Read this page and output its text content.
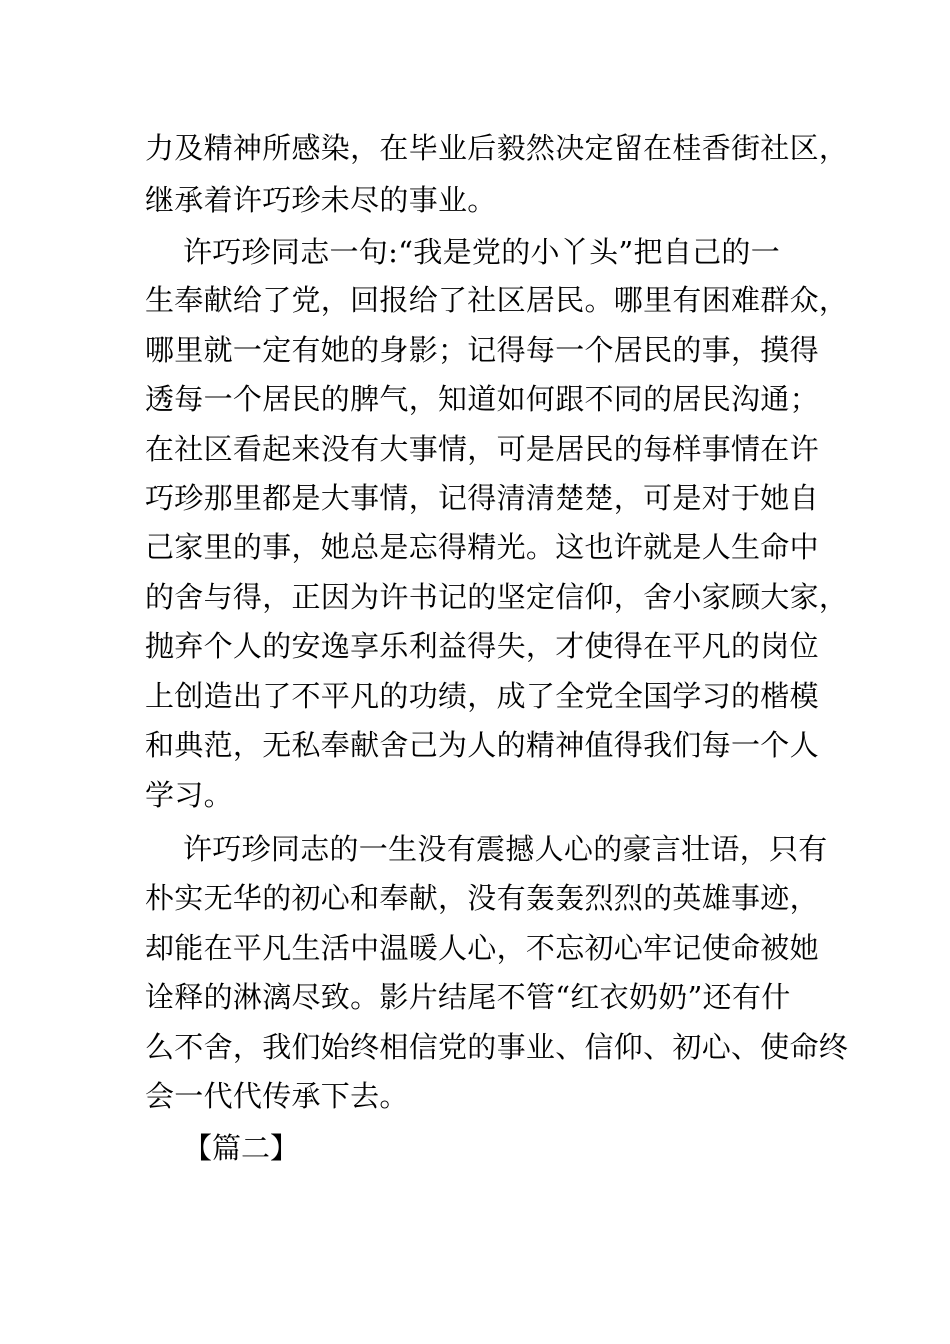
力及精神所感染，在毕业后毅然决定留在桂香街社区，
继承着许巧珍未尽的事业。
许巧珍同志一句:“我是党的小丫头”把自己的一
生奉献给了党，回报给了社区居民。哪里有困难群众，
哪里就一定有她的身影；记得每一个居民的事，摸得
透每一个居民的脾气，知道如何跟不同的居民沟通；
在社区看起来没有大事情，可是居民的每样事情在许
巧珍那里都是大事情，记得清清楚楚，可是对于她自
己家里的事，她总是忘得精光。这也许就是人生命中
的舍与得，正因为许书记的坚定信仰，舍小家顾大家，
抛弃个人的安逸享乐利益得失，才使得在平凡的岗位
上创造出了不平凡的功绩，成了全党全国学习的楷模
和典范，无私奉献舍己为人的精神值得我们每一个人
学习。
许巧珍同志的一生没有震撼人心的豪言壮语，只有
朴实无华的初心和奉献，没有轰轰烈烈的英雄事迹，
却能在平凡生活中温暖人心，不忘初心牢记使命被她
诠释的淋漓尽致。影片结尾不管“红衣奶奶”还有什
么不舍，我们始终相信党的事业、信仰、初心、使命终
会一代代传承下去。
【篇二】
